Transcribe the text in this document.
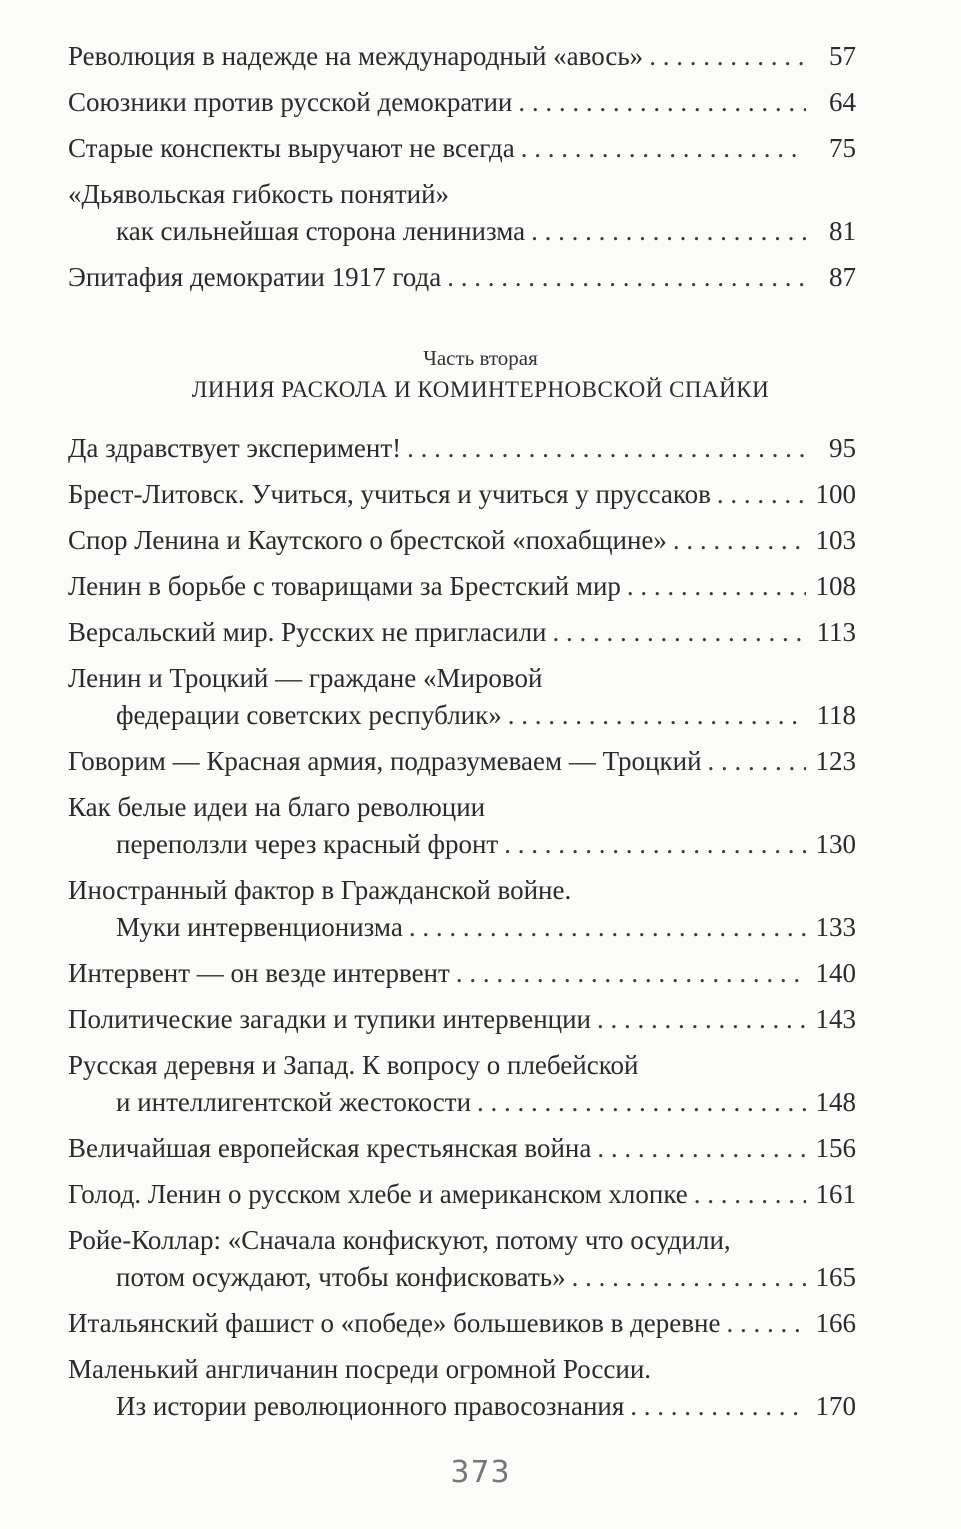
Революция в надежде на международный «авось» . . .	57
Союзники против русской демократии . . .	64
Старые конспекты выручают не всегда . . .	75
«Дьявольская гибкость понятий»
как сильнейшая сторона ленинизма . . .	81
Эпитафия демократии 1917 года . . .	87
Часть вторая
ЛИНИЯ РАСКОЛА И КОМИНТЕРНОВСКОЙ СПАЙКИ
Да здравствует эксперимент! . . .	95
Брест-Литовск. Учиться, учиться и учиться у пруссаков . . .	100
Спор Ленина и Каутского о брестской «похабщине» . . .	103
Ленин в борьбе с товарищами за Брестский мир . . .	108
Версальский мир. Русских не пригласили . . .	113
Ленин и Троцкий — граждане «Мировой
федерации советских республик» . . .	118
Говорим — Красная армия, подразумеваем — Троцкий . . .	123
Как белые идеи на благо революции
переползли через красный фронт . . .	130
Иностранный фактор в Гражданской войне.
Муки интервенционизма . . .	133
Интервент — он везде интервент . . .	140
Политические загадки и тупики интервенции . . .	143
Русская деревня и Запад. К вопросу о плебейской
и интеллигентской жестокости . . .	148
Величайшая европейская крестьянская война . . .	156
Голод. Ленин о русском хлебе и американском хлопке . . .	161
Ройе-Коллар: «Сначала конфискуют, потому что осудили,
потом осуждают, чтобы конфисковать» . . .	165
Итальянский фашист о «победе» большевиков в деревне . . .	166
Маленький англичанин посреди огромной России.
Из истории революционного правосознания . . .	170
373
